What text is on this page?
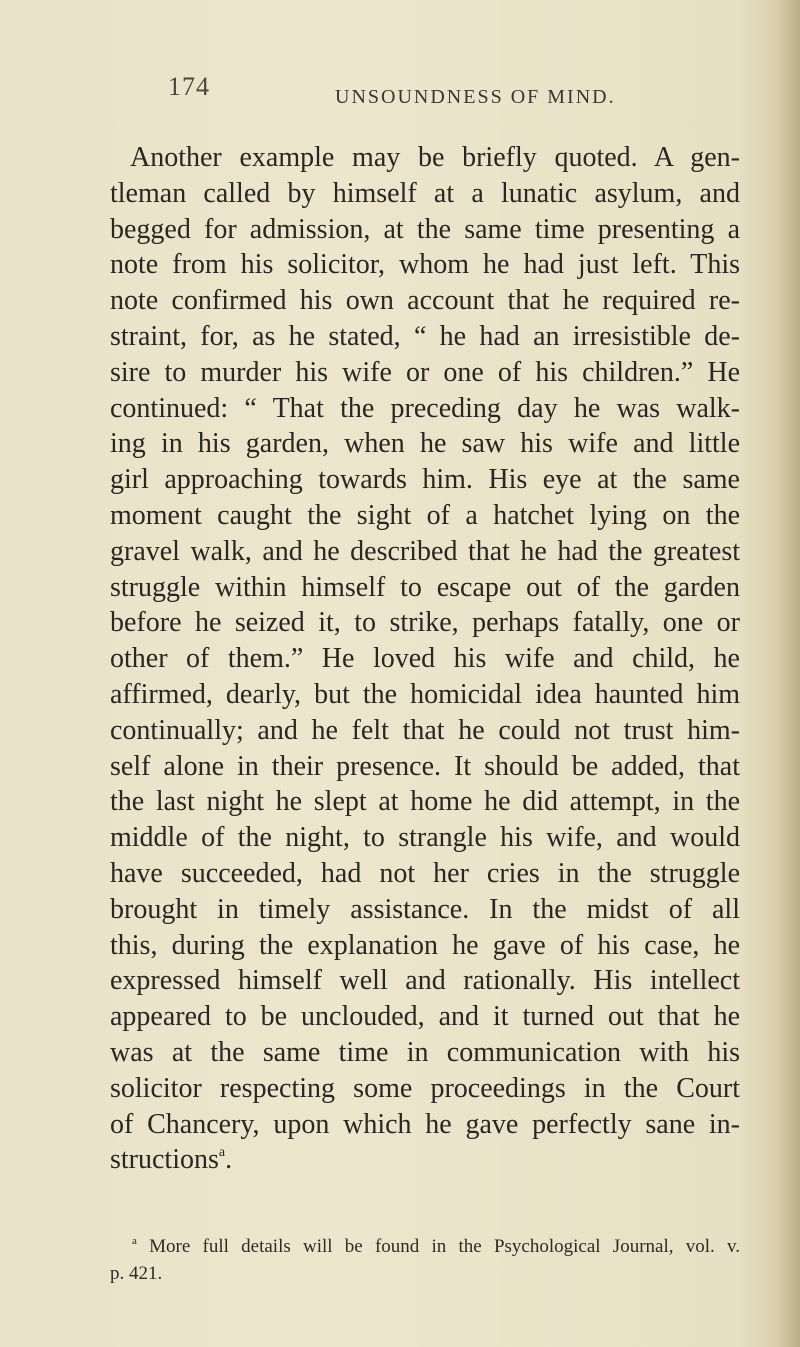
174	UNSOUNDNESS OF MIND.
Another example may be briefly quoted. A gen-
tleman called by himself at a lunatic asylum, and
begged for admission, at the same time presenting a
note from his solicitor, whom he had just left. This
note confirmed his own account that he required re-
straint, for, as he stated, “ he had an irresistible de-
sire to murder his wife or one of his children.” He
continued: “ That the preceding day he was walk-
ing in his garden, when he saw his wife and little
girl approaching towards him. His eye at the same
moment caught the sight of a hatchet lying on the
gravel walk, and he described that he had the greatest
struggle within himself to escape out of the garden
before he seized it, to strike, perhaps fatally, one or
other of them.” He loved his wife and child, he
affirmed, dearly, but the homicidal idea haunted him
continually; and he felt that he could not trust him-
self alone in their presence. It should be added, that
the last night he slept at home he did attempt, in the
middle of the night, to strangle his wife, and would
have succeeded, had not her cries in the struggle
brought in timely assistance. In the midst of all
this, during the explanation he gave of his case, he
expressed himself well and rationally. His intellect
appeared to be unclouded, and it turned out that he
was at the same time in communication with his
solicitor respecting some proceedings in the Court
of Chancery, upon which he gave perfectly sane in-
structions$^a$.
$^a$ More full details will be found in the Psychological Journal, vol. v.
p. 421.
